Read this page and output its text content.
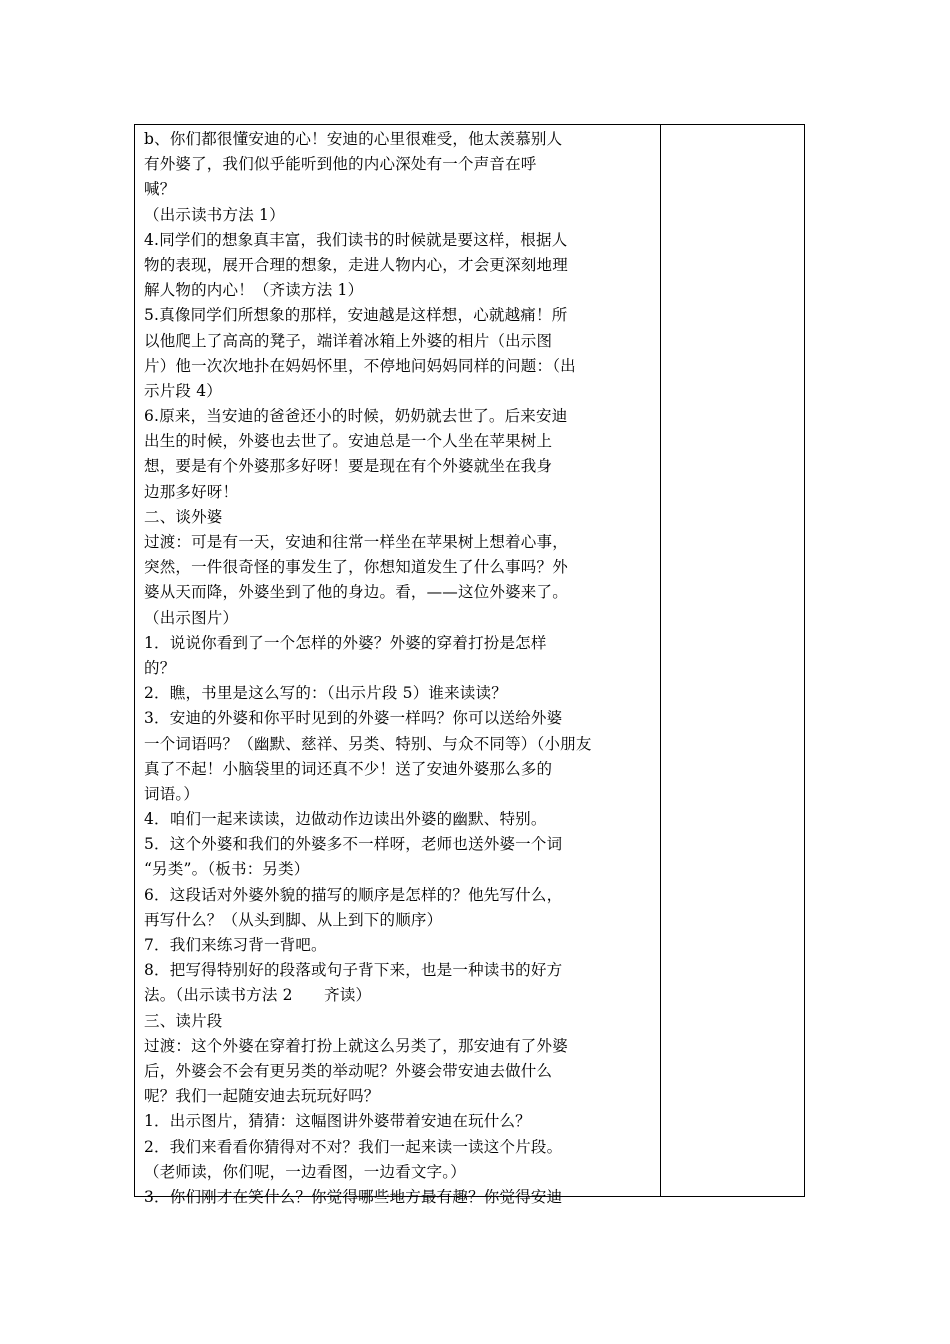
b、你们都很懂安迪的心！安迪的心里很难受，他太羡慕别人
有外婆了，我们似乎能听到他的内心深处有一个声音在呼
喊？
（出示读书方法 1）
4.同学们的想象真丰富，我们读书的时候就是要这样，根据人
物的表现，展开合理的想象，走进人物内心，才会更深刻地理
解人物的内心！（齐读方法 1）
5.真像同学们所想象的那样，安迪越是这样想，心就越痛！所
以他爬上了高高的凳子，端详着冰箱上外婆的相片（出示图
片）他一次次地扑在妈妈怀里，不停地问妈妈同样的问题：（出
示片段 4）
6.原来，当安迪的爸爸还小的时候，奶奶就去世了。后来安迪
出生的时候，外婆也去世了。安迪总是一个人坐在苹果树上
想，要是有个外婆那多好呀！要是现在有个外婆就坐在我身
边那多好呀！
二、谈外婆
过渡：可是有一天，安迪和往常一样坐在苹果树上想着心事，
突然，一件很奇怪的事发生了，你想知道发生了什么事吗？外
婆从天而降，外婆坐到了他的身边。看，——这位外婆来了。
（出示图片）
1．说说你看到了一个怎样的外婆？外婆的穿着打扮是怎样
的？
2．瞧，书里是这么写的：（出示片段 5）谁来读读？
3．安迪的外婆和你平时见到的外婆一样吗？你可以送给外婆
一个词语吗？（幽默、慈祥、另类、特别、与众不同等）（小朋友
真了不起！小脑袋里的词还真不少！送了安迪外婆那么多的
词语。）
4．咱们一起来读读，边做动作边读出外婆的幽默、特别。
5．这个外婆和我们的外婆多不一样呀，老师也送外婆一个词
“另类”。（板书：另类）
6．这段话对外婆外貌的描写的顺序是怎样的？他先写什么，
再写什么？（从头到脚、从上到下的顺序）
7．我们来练习背一背吧。
8．把写得特别好的段落或句子背下来，也是一种读书的好方
法。（出示读书方法 2　　齐读）
三、读片段
过渡：这个外婆在穿着打扮上就这么另类了，那安迪有了外婆
后，外婆会不会有更另类的举动呢？外婆会带安迪去做什么
呢？我们一起随安迪去玩玩好吗？
1．出示图片，猜猜：这幅图讲外婆带着安迪在玩什么？
2．我们来看看你猜得对不对？我们一起来读一读这个片段。
（老师读，你们呢，一边看图，一边看文字。）
3．你们刚才在笑什么？你觉得哪些地方最有趣？你觉得安迪
